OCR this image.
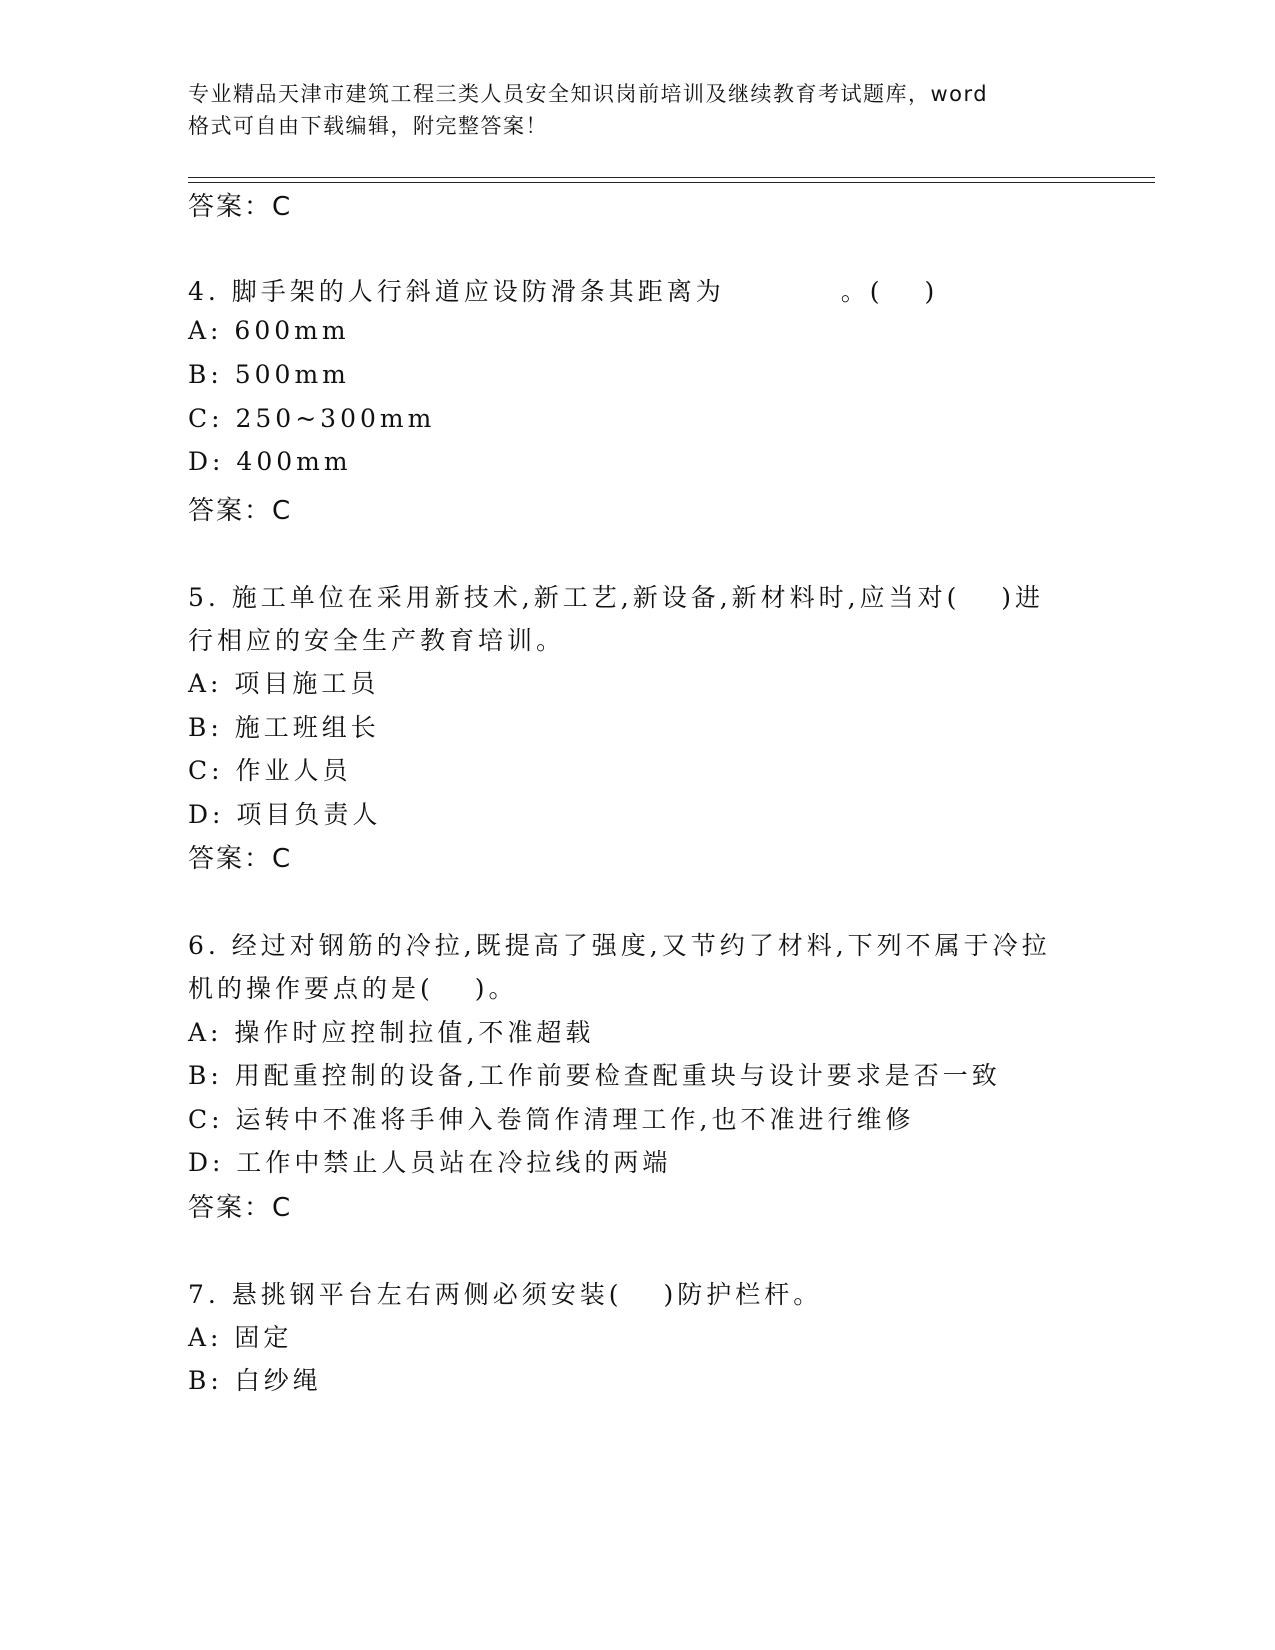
专业精品天津市建筑工程三类人员安全知识岗前培训及继续教育考试题库，word
格式可自由下载编辑，附完整答案！
答案：C
4. 脚手架的人行斜道应设防滑条其距离为　　　　。(　 )
A: 600mm
B: 500mm
C: 250~300mm
D: 400mm
答案：C
5. 施工单位在采用新技术,新工艺,新设备,新材料时,应当对(　 )进
行相应的安全生产教育培训。
A: 项目施工员
B: 施工班组长
C: 作业人员
D: 项目负责人
答案：C
6. 经过对钢筋的冷拉,既提高了强度,又节约了材料,下列不属于冷拉
机的操作要点的是(　 )。
A: 操作时应控制拉值,不准超载
B: 用配重控制的设备,工作前要检查配重块与设计要求是否一致
C: 运转中不准将手伸入卷筒作清理工作,也不准进行维修
D: 工作中禁止人员站在冷拉线的两端
答案：C
7. 悬挑钢平台左右两侧必须安装(　 )防护栏杆。
A: 固定
B: 白纱绳
